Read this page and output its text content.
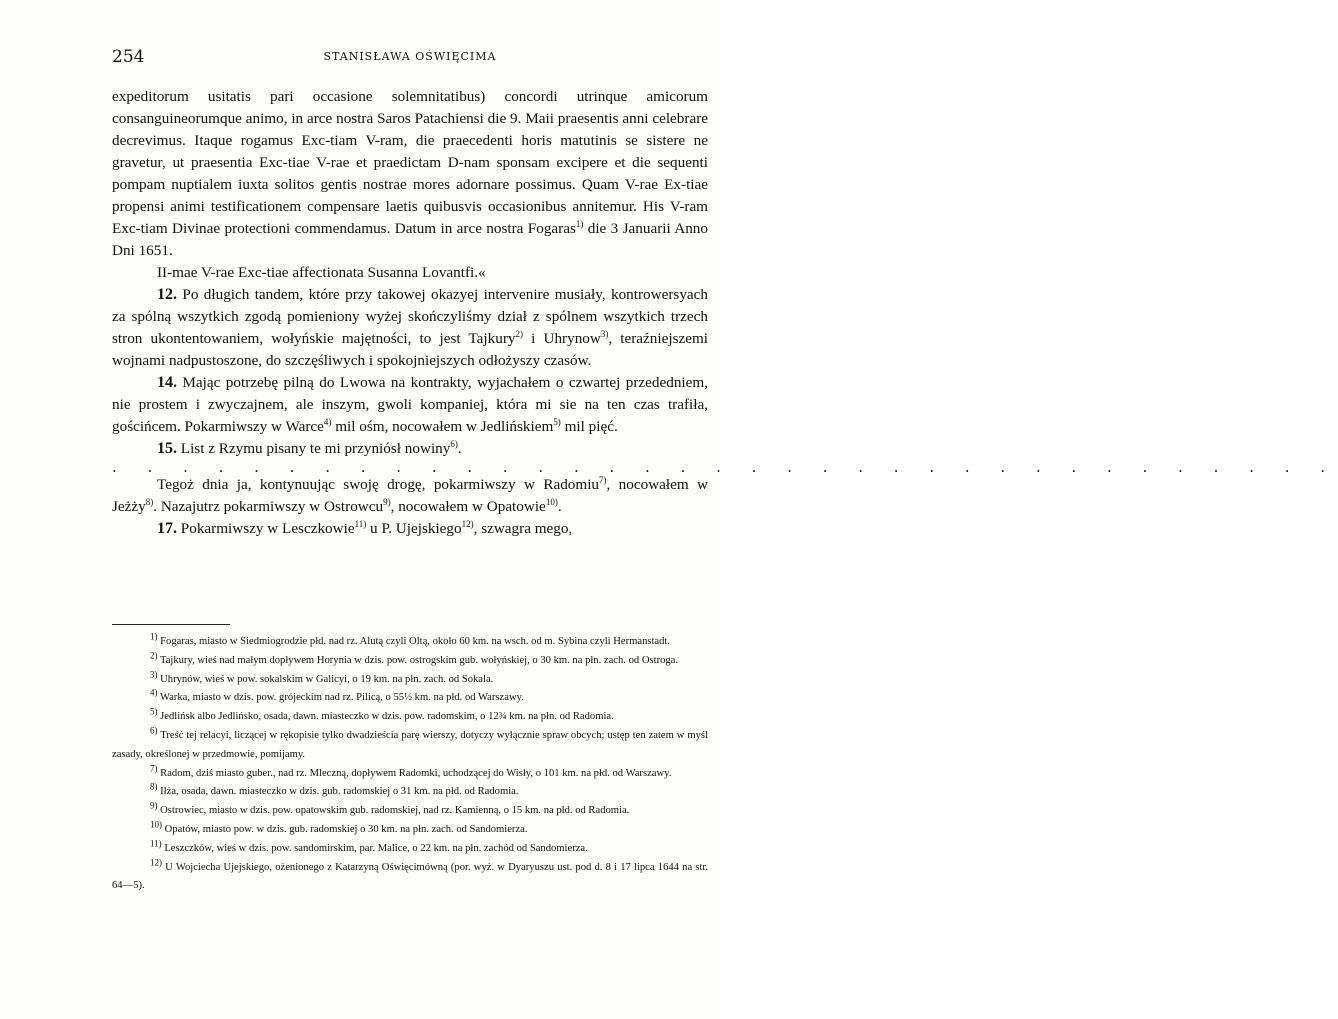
254	STANISŁAWA OŚWIĘCIMA

expeditorum usitatis pari occasione solemnitatibus) concordi utrinque amicorum consanguineorumque animo, in arce nostra Saros Patachiensi die 9. Maii praesentis anni celebrare decrevimus. Itaque rogamus Exc-tiam V-ram, die praecedenti horis matutinis se sistere ne gravetur, ut praesentia Exc-tiae V-rae et praedictam D-nam sponsam excipere et die sequenti pompam nuptialem iuxta solitos gentis nostrae mores adornare possimus. Quam V-rae Ex-tiae propensi animi testificationem compensare laetis quibusvis occasionibus annitemur. His V-ram Exc-tiam Divinae protectioni commendamus. Datum in arce nostra Fogaras$^{1)}$ die 3 Januarii Anno Dni 1651.

II-mae V-rae Exc-tiae affectionata Susanna Lovantfi.«

12. Po długich tandem, które przy takowej okazyej intervenire musiały, kontrowersyach za spólną wszytkich zgodą pomieniony wyżej skończyliśmy dział z spólnem wszytkich trzech stron ukontentowaniem, wołyńskie majętności, to jest Tajkury$^{2)}$ i Uhrynow$^{3)}$, teraźniejszemi wojnami nadpustoszone, do szczęśliwych i spokojniejszych odłożyszy czasów.

14. Mając potrzebę pilną do Lwowa na kontrakty, wyjachałem o czwartej przededniem, nie prostem i zwyczajnem, ale inszym, gwoli kompaniej, która mi sie na ten czas trafiła, gościńcem. Pokarmiwszy w Warce$^{4)}$ mil ośm, nocowałem w Jedlińskiem$^{5)}$ mil pięć.

15. List z Rzymu pisany te mi przyniósł nowiny$^{6)}$.

. . . . . . . . . . . . . . . . . . . . . . . . . . . . . . . . . . .

Tegoż dnia ja, kontynuując swoję drogę, pokarmiwszy w Radomiu$^{7)}$, nocowałem w Jeżży$^{8)}$. Nazajutrz pokarmiwszy w Ostrowcu$^{9)}$, nocowałem w Opatowie$^{10)}$.

17. Pokarmiwszy w Lesczkowie$^{11)}$ u P. Ujejskiego$^{12)}$, szwagra mego,

$^{1)}$ Fogaras, miasto w Siedmiogrodzie płd. nad rz. Alutą czyli Oltą, około 60 km. na wsch. od m. Sybina czyli Hermanstadt.

$^{2)}$ Tajkury, wieś nad małym dopływem Horynia w dzis. pow. ostrogskim gub. wołyńskiej, o 30 km. na płn. zach. od Ostroga.

$^{3)}$ Uhrynów, wieś w pow. sokalskim w Galicyi, o 19 km. na płn. zach. od Sokala.

$^{4)}$ Warka, miasto w dzis. pow. grójeckim nad rz. Pilicą, o 55½ km. na płd. od Warszawy.

$^{5)}$ Jedlińsk albo Jedlińsko, osada, dawn. miasteczko w dzis. pow. radomskim, o 12¾ km. na płn. od Radomia.

$^{6)}$ Treść tej relacyi, liczącej w rękopisie tylko dwadzieścia parę wierszy, dotyczy wyłącznie spraw obcych; ustęp ten zatem w myśl zasady, określonej w przedmowie, pomijamy.

$^{7)}$ Radom, dziś miasto guber., nad rz. Mleczną, dopływem Radomki, uchodzącej do Wisły, o 101 km. na płd. od Warszawy.

$^{8)}$ Iłża, osada, dawn. miasteczko w dzis. gub. radomskiej o 31 km. na płd. od Radomia.

$^{9)}$ Ostrowiec, miasto w dzis. pow. opatowskim gub. radomskiej, nad rz. Kamienną, o 15 km. na płd. od Radomia.

$^{10)}$ Opatów, miasto pow. w dzis. gub. radomskiej o 30 km. na płn. zach. od Sandomierza.

$^{11)}$ Leszczków, wieś w dzis. pow. sandomirskim, par. Malice, o 22 km. na płn. zachód od Sandomierza.

$^{12)}$ U Wojciecha Ujejskiego, ożenionego z Katarzyną Oświęcimówną (por. wyż. w Dyaryuszu ust. pod d. 8 i 17 lipca 1644 na str. 64—5).
